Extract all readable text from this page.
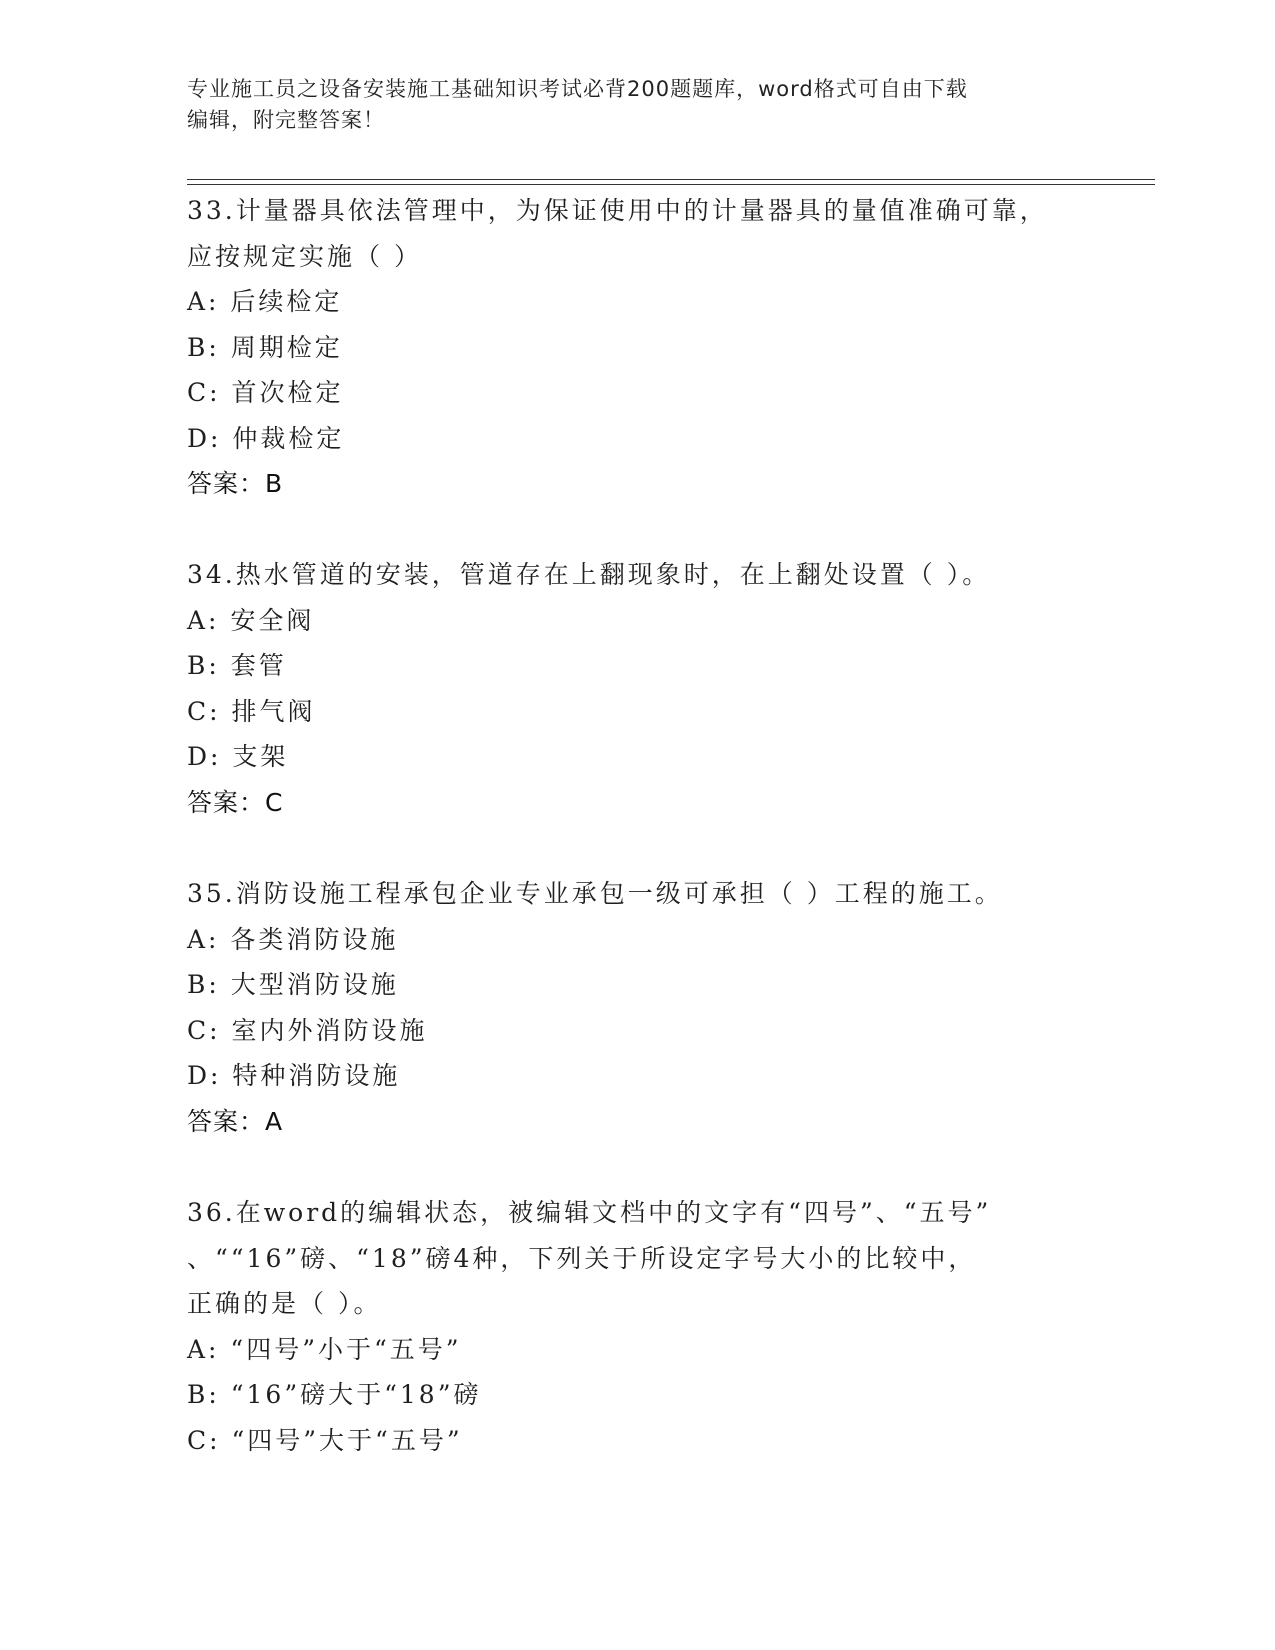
专业施工员之设备安装施工基础知识考试必背200题题库，word格式可自由下载
编辑，附完整答案！
33.计量器具依法管理中，为保证使用中的计量器具的量值准确可靠，
应按规定实施（ ）
A: 后续检定
B: 周期检定
C: 首次检定
D: 仲裁检定
答案：B
34.热水管道的安装，管道存在上翻现象时，在上翻处设置（ ）。
A: 安全阀
B: 套管
C: 排气阀
D: 支架
答案：C
35.消防设施工程承包企业专业承包一级可承担（ ）工程的施工。
A: 各类消防设施
B: 大型消防设施
C: 室内外消防设施
D: 特种消防设施
答案：A
36.在word的编辑状态，被编辑文档中的文字有“四号”、“五号”
、““16”磅、“18”磅4种，下列关于所设定字号大小的比较中，
正确的是（ ）。
A: “四号”小于“五号”
B: “16”磅大于“18”磅
C: “四号”大于“五号”
